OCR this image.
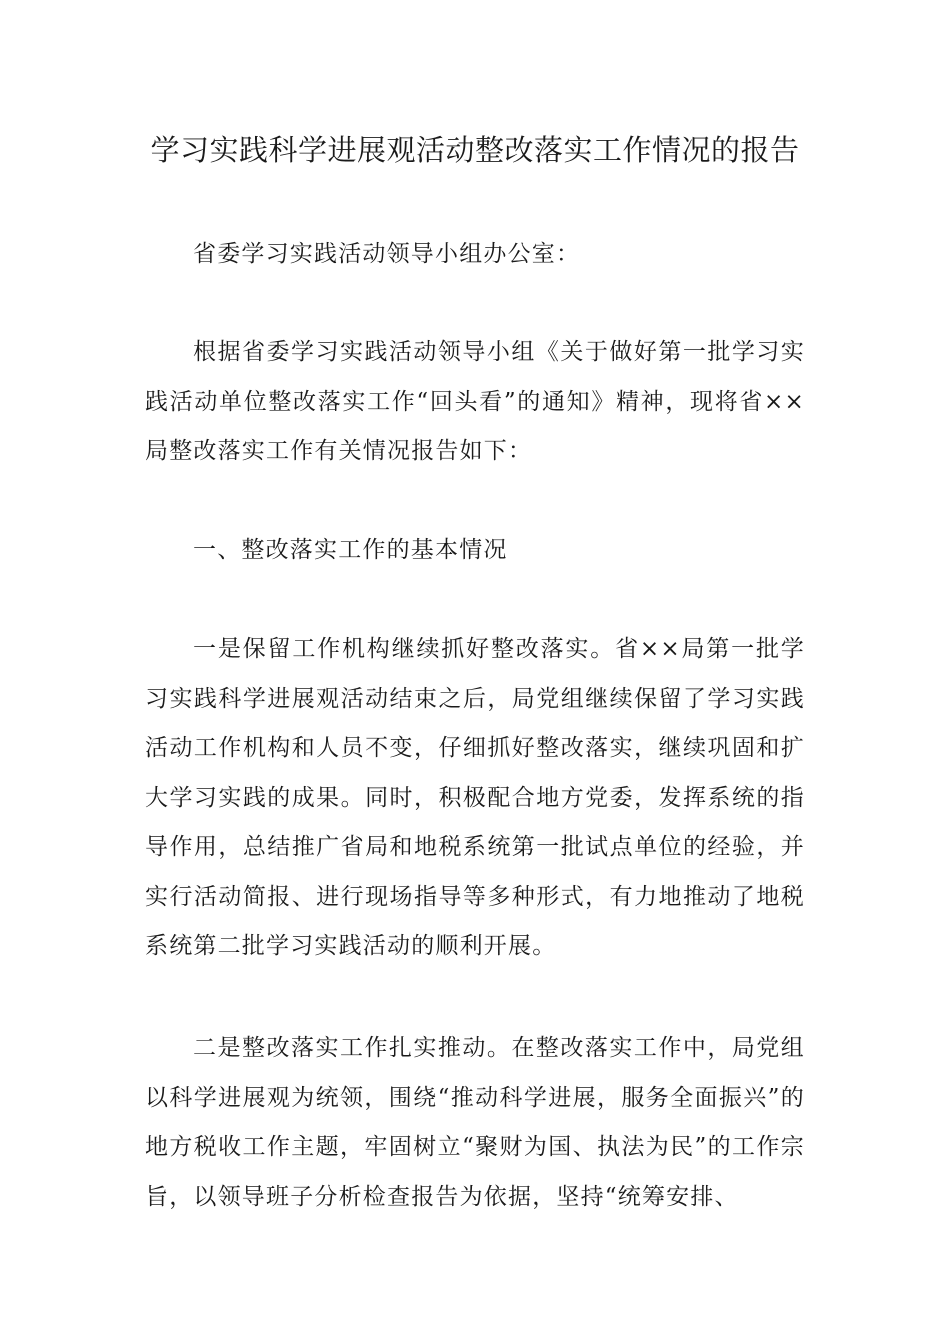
学习实践科学进展观活动整改落实工作情况的报告

省委学习实践活动领导小组办公室：

根据省委学习实践活动领导小组《关于做好第一批学习实践活动单位整改落实工作“回头看”的通知》精神，现将省××局整改落实工作有关情况报告如下：

一、整改落实工作的基本情况

一是保留工作机构继续抓好整改落实。省××局第一批学习实践科学进展观活动结束之后，局党组继续保留了学习实践活动工作机构和人员不变，仔细抓好整改落实，继续巩固和扩大学习实践的成果。同时，积极配合地方党委，发挥系统的指导作用，总结推广省局和地税系统第一批试点单位的经验，并实行活动简报、进行现场指导等多种形式，有力地推动了地税系统第二批学习实践活动的顺利开展。

二是整改落实工作扎实推动。在整改落实工作中，局党组以科学进展观为统领，围绕“推动科学进展，服务全面振兴”的地方税收工作主题，牢固树立“聚财为国、执法为民”的工作宗旨，以领导班子分析检查报告为依据，坚持“统筹安排、
